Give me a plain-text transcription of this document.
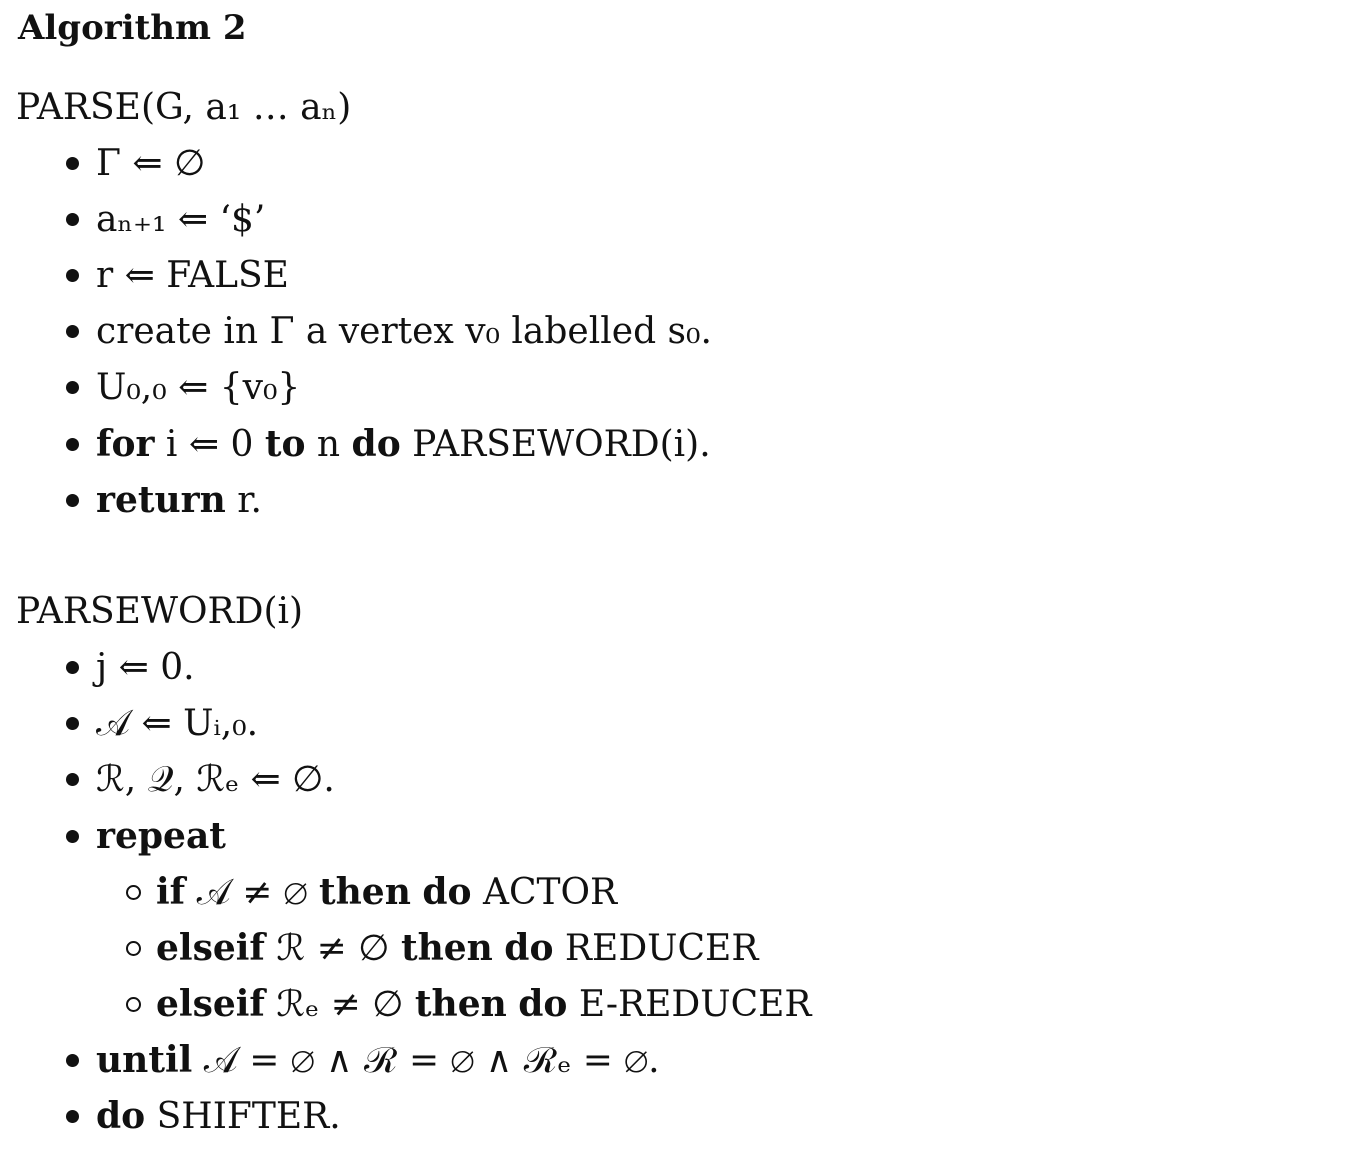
Algorithm 2
PARSE(G, a₁ … aₙ)
Γ ⇐ ∅
aₙ₊₁ ⇐ ‘$’
r ⇐ FALSE
create in Γ a vertex v₀ labelled s₀.
U₀,₀ ⇐ {v₀}
for i ⇐ 0 to n do PARSEWORD(i).
return r.
PARSEWORD(i)
j ⇐ 0.
𝒜 ⇐ Uᵢ,₀.
ℛ, 𝒬, ℛₑ ⇐ ∅.
repeat
if 𝒜 ≠ ∅ then do ACTOR
elseif ℛ ≠ ∅ then do REDUCER
elseif ℛₑ ≠ ∅ then do E-REDUCER
until 𝒜 = ∅ ∧ ℛ = ∅ ∧ ℛₑ = ∅.
do SHIFTER.
